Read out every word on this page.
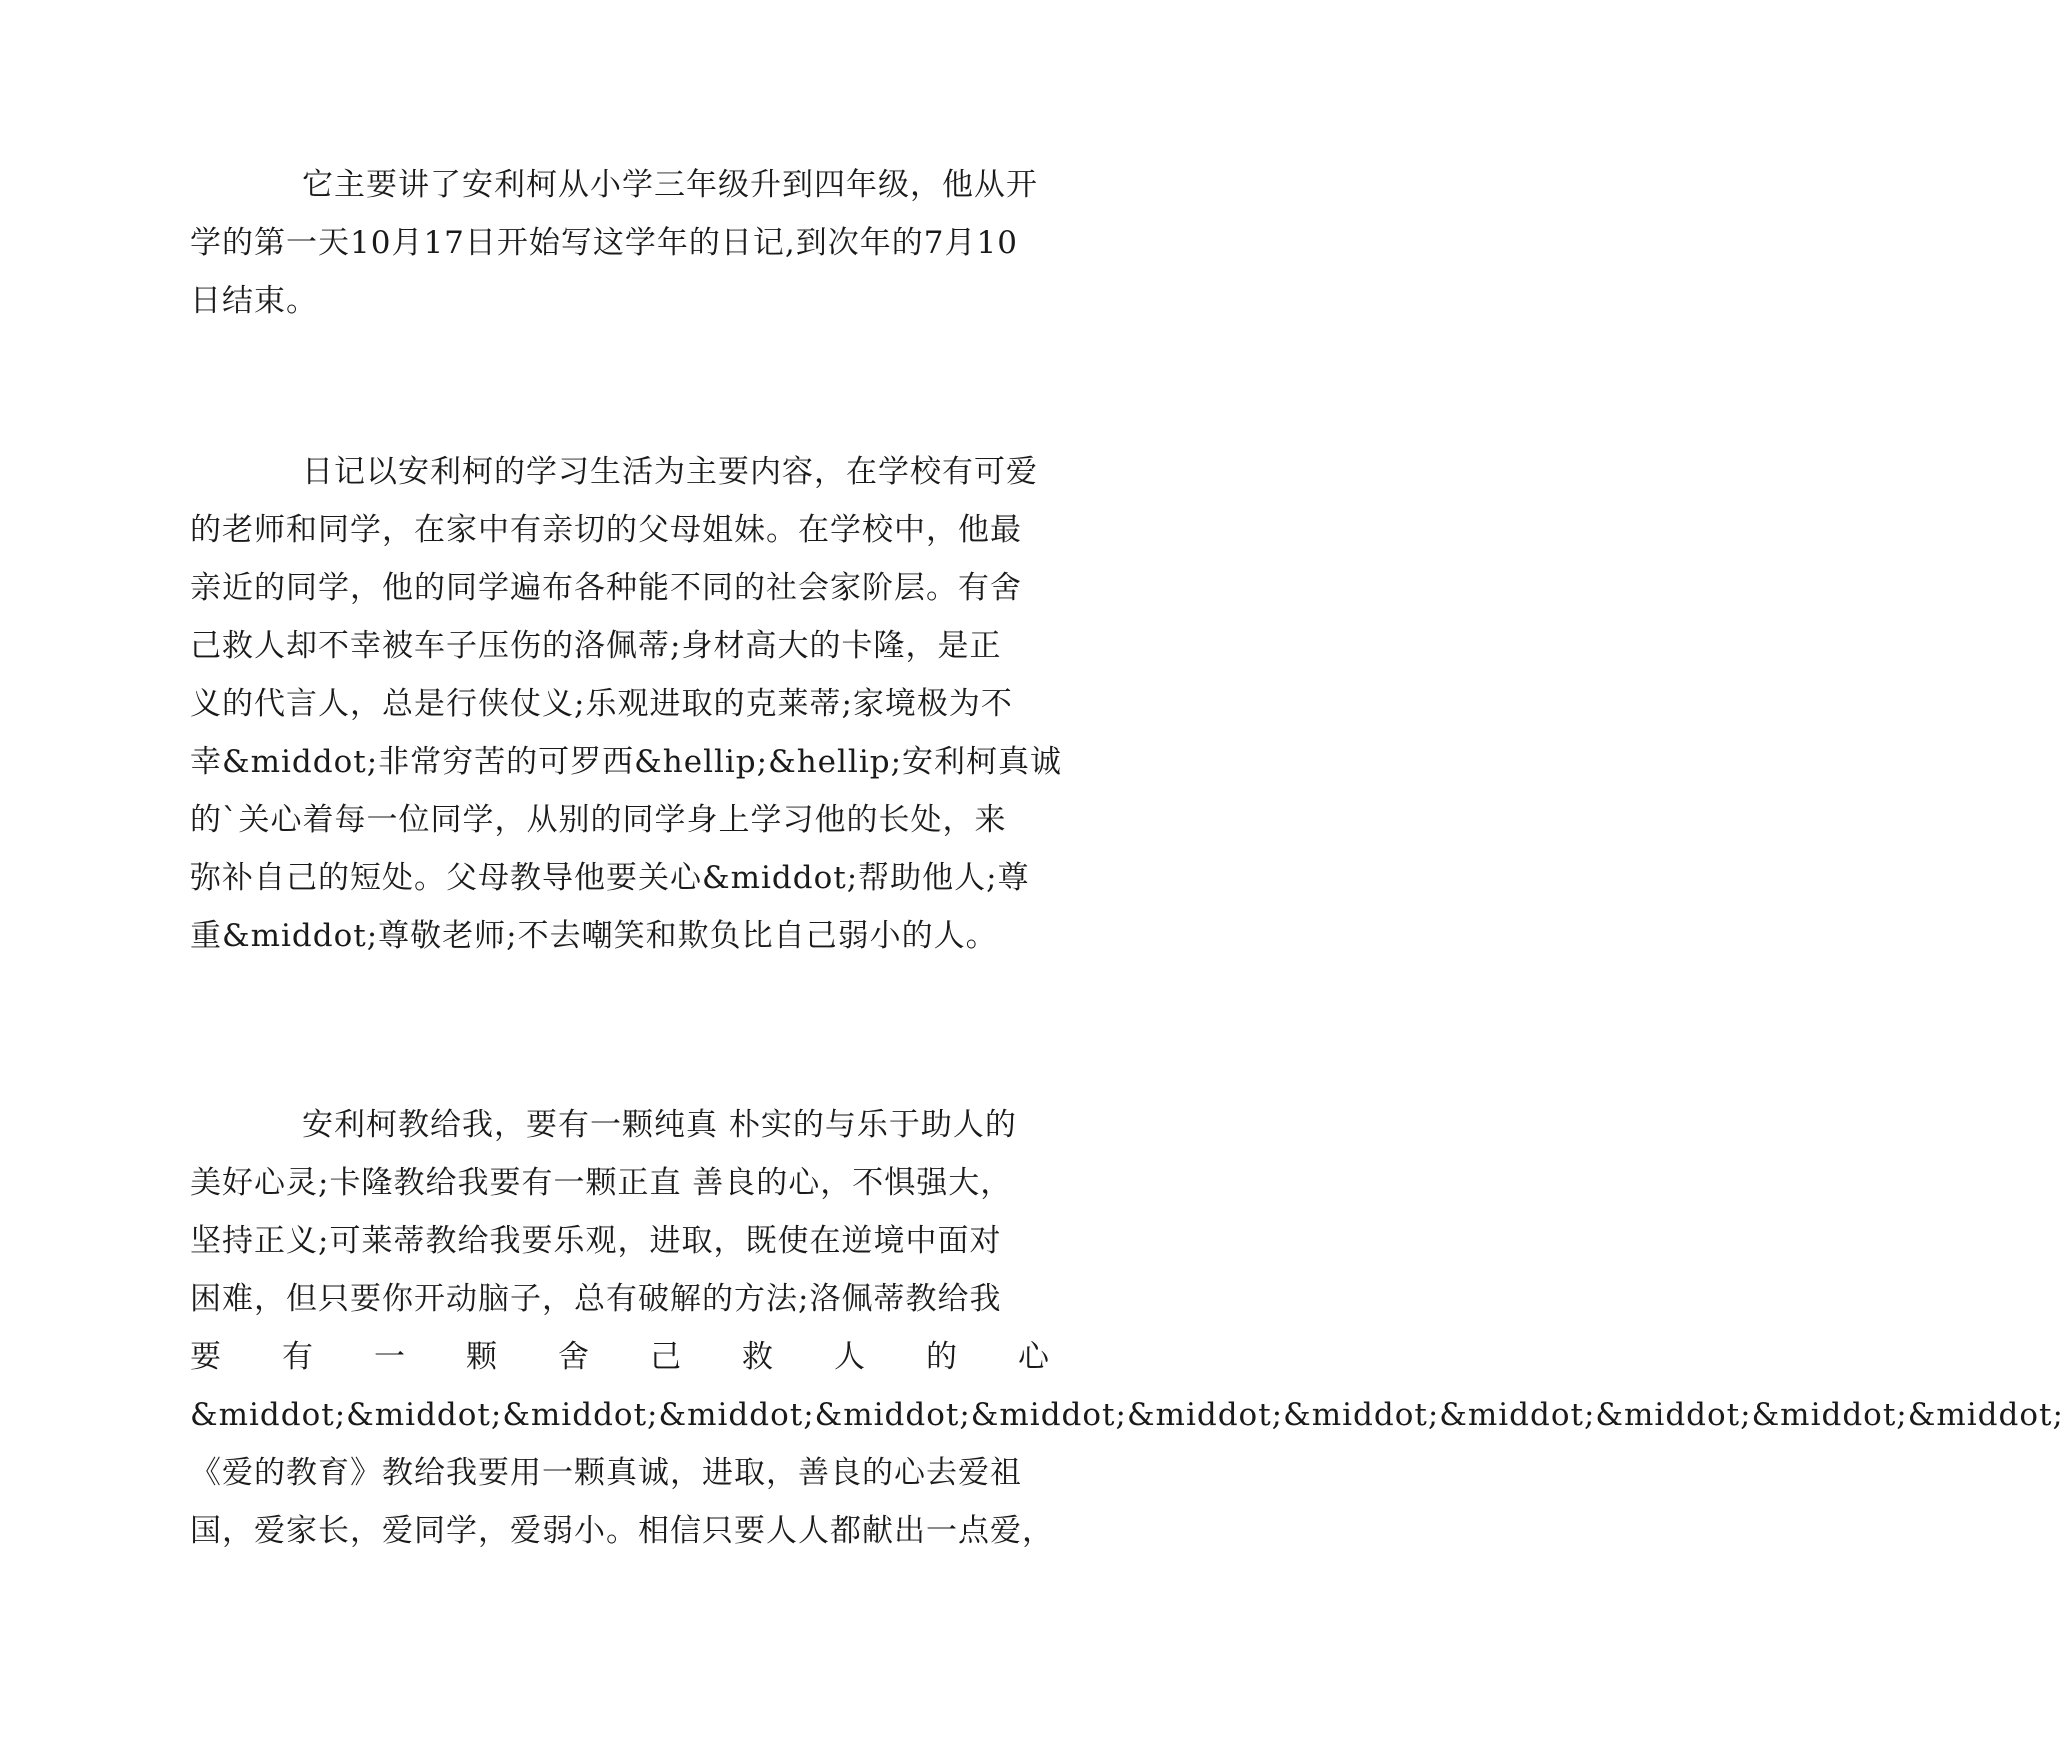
它主要讲了安利柯从小学三年级升到四年级，他从开
学的第一天10月17日开始写这学年的日记,到次年的7月10
日结束。
日记以安利柯的学习生活为主要内容，在学校有可爱
的老师和同学，在家中有亲切的父母姐妹。在学校中，他最
亲近的同学，他的同学遍布各种能不同的社会家阶层。有舍
己救人却不幸被车子压伤的洛佩蒂;身材高大的卡隆，是正
义的代言人，总是行侠仗义;乐观进取的克莱蒂;家境极为不
幸&middot;非常穷苦的可罗西&hellip;&hellip;安利柯真诚
的`关心着每一位同学，从别的同学身上学习他的长处，来
弥补自己的短处。父母教导他要关心&middot;帮助他人;尊
重&middot;尊敬老师;不去嘲笑和欺负比自己弱小的人。
安利柯教给我，要有一颗纯真 朴实的与乐于助人的
美好心灵;卡隆教给我要有一颗正直 善良的心，不惧强大，
坚持正义;可莱蒂教给我要乐观，进取，既使在逆境中面对
困难，但只要你开动脑子，总有破解的方法;洛佩蒂教给我
要 有 一 颗 舍 己 救 人 的 心
&middot;&middot;&middot;&middot;&middot;&middot;&middot;&middot;&middot;&middot;&middot;&middot;
《爱的教育》教给我要用一颗真诚，进取，善良的心去爱祖
国，爱家长，爱同学，爱弱小。相信只要人人都献出一点爱，
